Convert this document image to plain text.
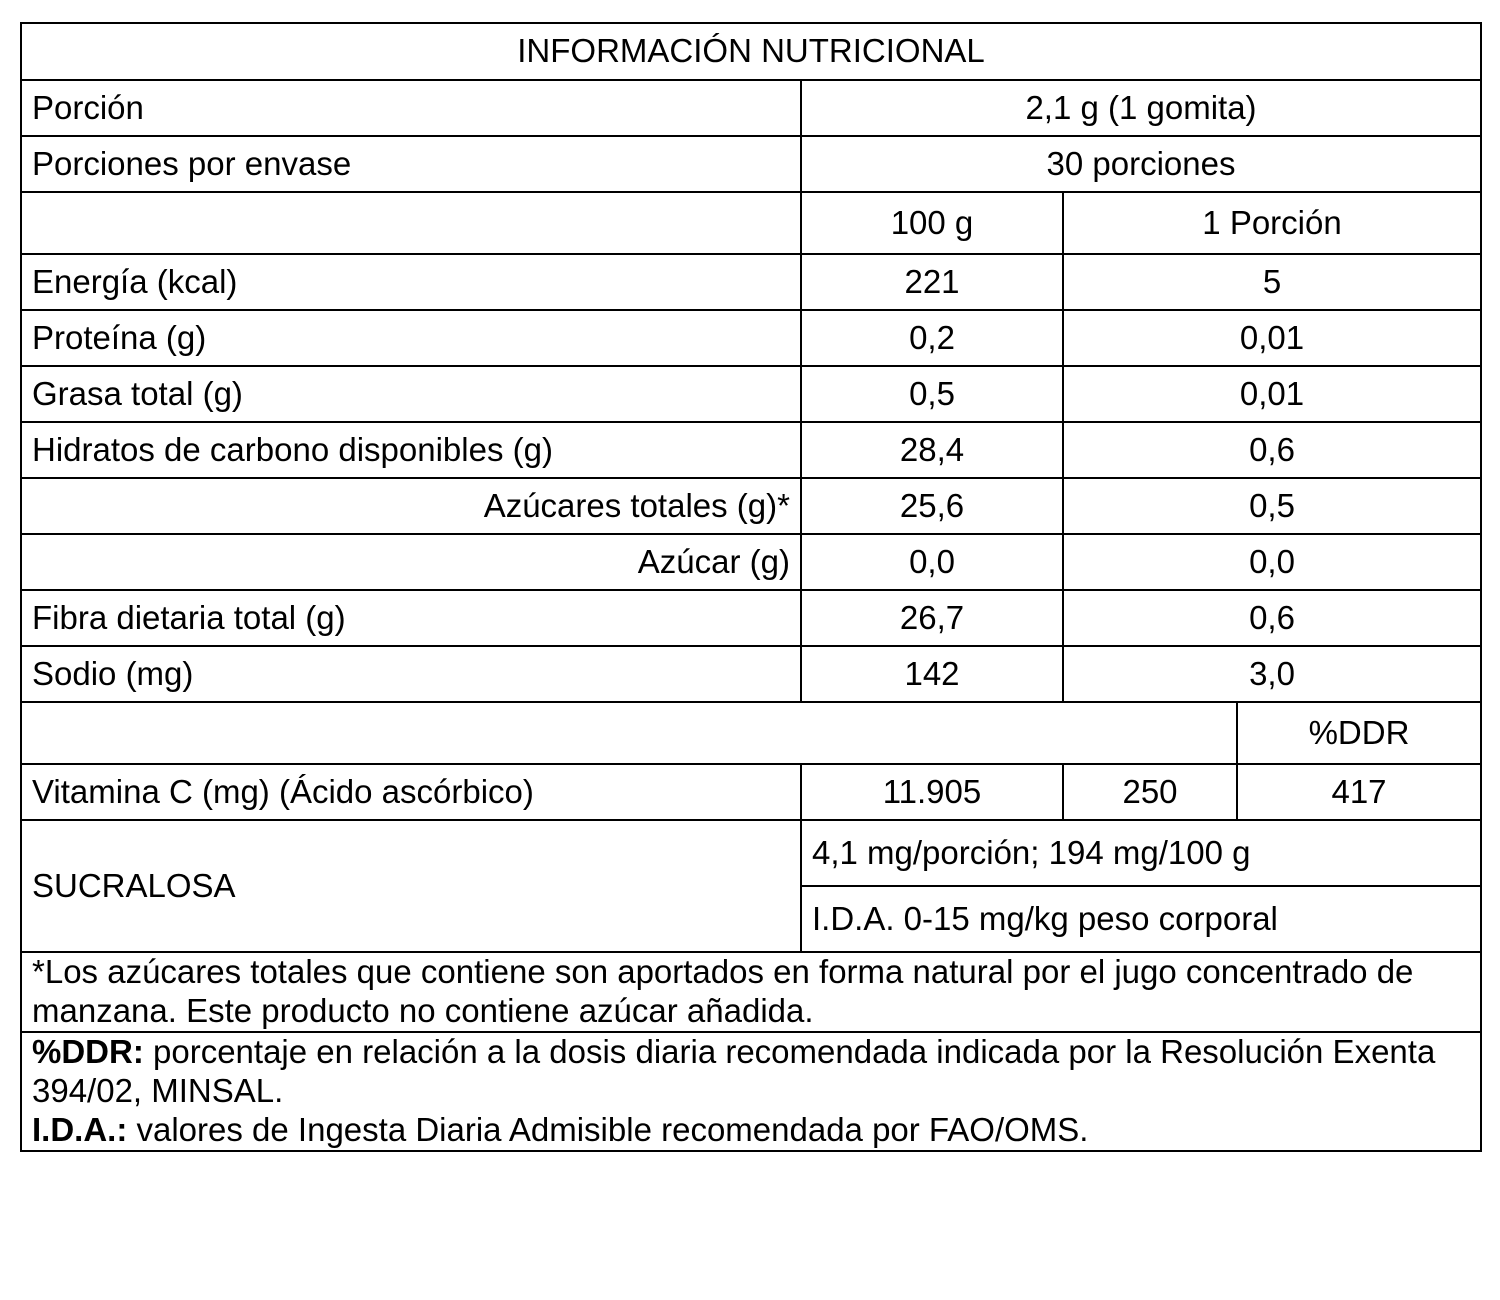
INFORMACIÓN NUTRICIONAL			
Porción	2,1 g (1 gomita)		
Porciones por envase	30 porciones		
	100 g	1 Porción	
Energía (kcal)	221	5	
Proteína (g)	0,2	0,01	
Grasa total (g)	0,5	0,01	
Hidratos de carbono disponibles (g)	28,4	0,6	
Azúcares totales (g)*	25,6	0,5	
Azúcar (g)	0,0	0,0	
Fibra dietaria total (g)	26,7	0,6	
Sodio (mg)	142	3,0	
			%DDR
Vitamina C (mg) (Ácido ascórbico)	11.905	250	417
SUCRALOSA	4,1 mg/porción; 194 mg/100 g		
	I.D.A. 0-15 mg/kg peso corporal		

*Los azúcares totales que contiene son aportados en forma natural por el jugo concentrado de manzana. Este producto no contiene azúcar añadida.			

%DDR: porcentaje en relación a la dosis diaria recomendada indicada por la Resolución Exenta 394/02, MINSAL.

I.D.A.: valores de Ingesta Diaria Admisible recomendada por FAO/OMS.			
